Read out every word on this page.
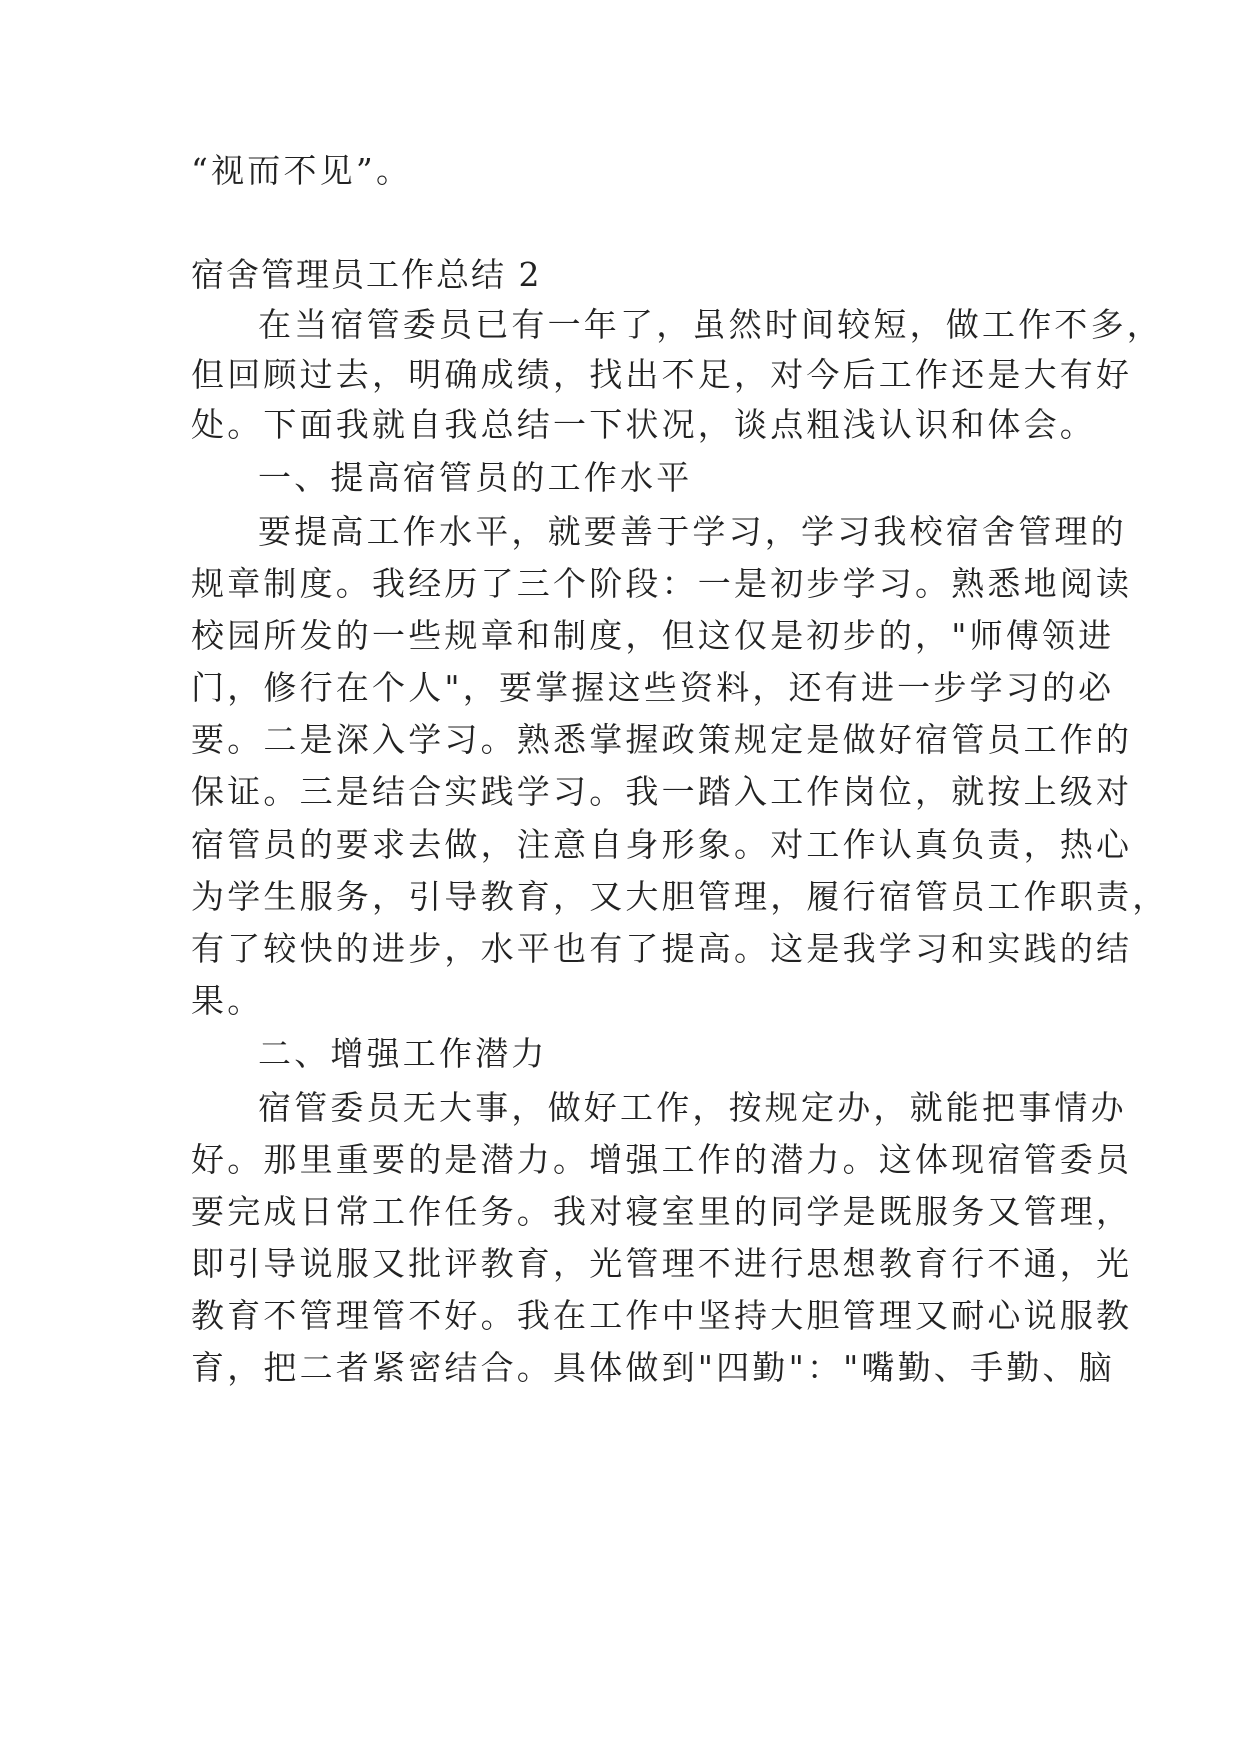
“视而不见”。
宿舍管理员工作总结 2
在当宿管委员已有一年了，虽然时间较短，做工作不多，
但回顾过去，明确成绩，找出不足，对今后工作还是大有好
处。下面我就自我总结一下状况，谈点粗浅认识和体会。
一、提高宿管员的工作水平
要提高工作水平，就要善于学习，学习我校宿舍管理的
规章制度。我经历了三个阶段：一是初步学习。熟悉地阅读
校园所发的一些规章和制度，但这仅是初步的，"师傅领进
门，修行在个人"，要掌握这些资料，还有进一步学习的必
要。二是深入学习。熟悉掌握政策规定是做好宿管员工作的
保证。三是结合实践学习。我一踏入工作岗位，就按上级对
宿管员的要求去做，注意自身形象。对工作认真负责，热心
为学生服务，引导教育，又大胆管理，履行宿管员工作职责，
有了较快的进步，水平也有了提高。这是我学习和实践的结
果。
二、增强工作潜力
宿管委员无大事，做好工作，按规定办，就能把事情办
好。那里重要的是潜力。增强工作的潜力。这体现宿管委员
要完成日常工作任务。我对寝室里的同学是既服务又管理，
即引导说服又批评教育，光管理不进行思想教育行不通，光
教育不管理管不好。我在工作中坚持大胆管理又耐心说服教
育，把二者紧密结合。具体做到"四勤"："嘴勤、手勤、脑
